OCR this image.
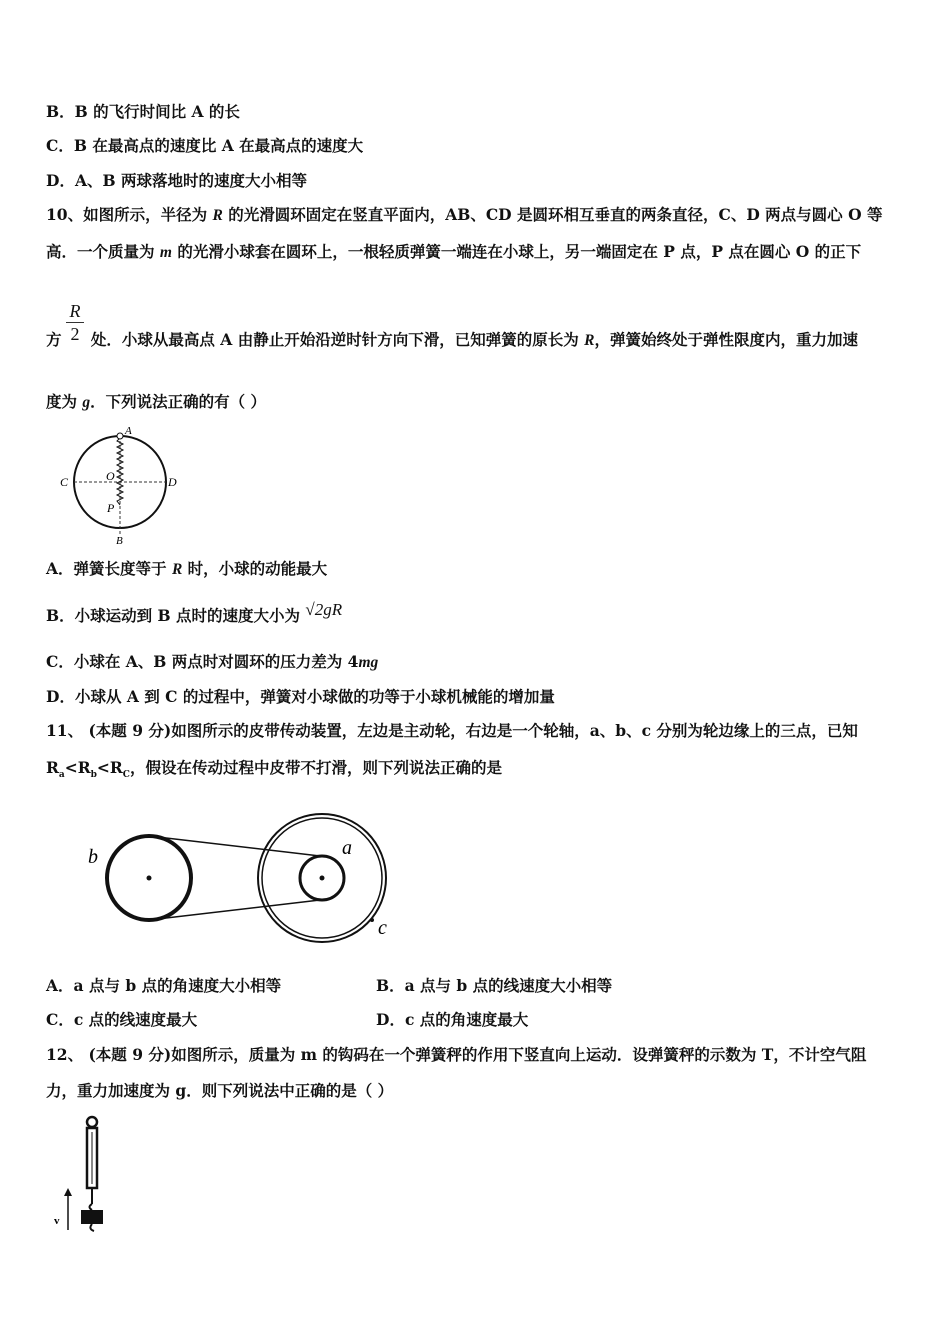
B．B 的飞行时间比 A 的长
C．B 在最高点的速度比 A 在最高点的速度大
D．A、B 两球落地时的速度大小相等
10、如图所示，半径为 R 的光滑圆环固定在竖直平面内，AB、CD 是圆环相互垂直的两条直径，C、D 两点与圆心 O 等
高．一个质量为 m 的光滑小球套在圆环上，一根轻质弹簧一端连在小球上，另一端固定在 P 点，P 点在圆心 O 的正下
R
2
方 处．小球从最高点 A 由静止开始沿逆时针方向下滑，已知弹簧的原长为 R，弹簧始终处于弹性限度内，重力加速
度为 g．下列说法正确的有（ ）
A
C	D
O
P
B
A．弹簧长度等于 R 时，小球的动能最大
B．小球运动到 B 点时的速度大小为 √2gR
C．小球在 A、B 两点时对圆环的压力差为 4mg
D．小球从 A 到 C 的过程中，弹簧对小球做的功等于小球机械能的增加量
11、 (本题 9 分)如图所示的皮带传动装置，左边是主动轮，右边是一个轮轴，a、b、c 分别为轮边缘上的三点，已知
$R_a<R_b<R_C$，假设在传动过程中皮带不打滑，则下列说法正确的是
b	a
c
A．a 点与 b 点的角速度大小相等	B．a 点与 b 点的线速度大小相等
C．c 点的线速度最大	D．c 点的角速度最大
12、 (本题 9 分)如图所示，质量为 m 的钩码在一个弹簧秤的作用下竖直向上运动．设弹簧秤的示数为 T，不计空气阻
力，重力加速度为 g．则下列说法中正确的是（ ）
v
